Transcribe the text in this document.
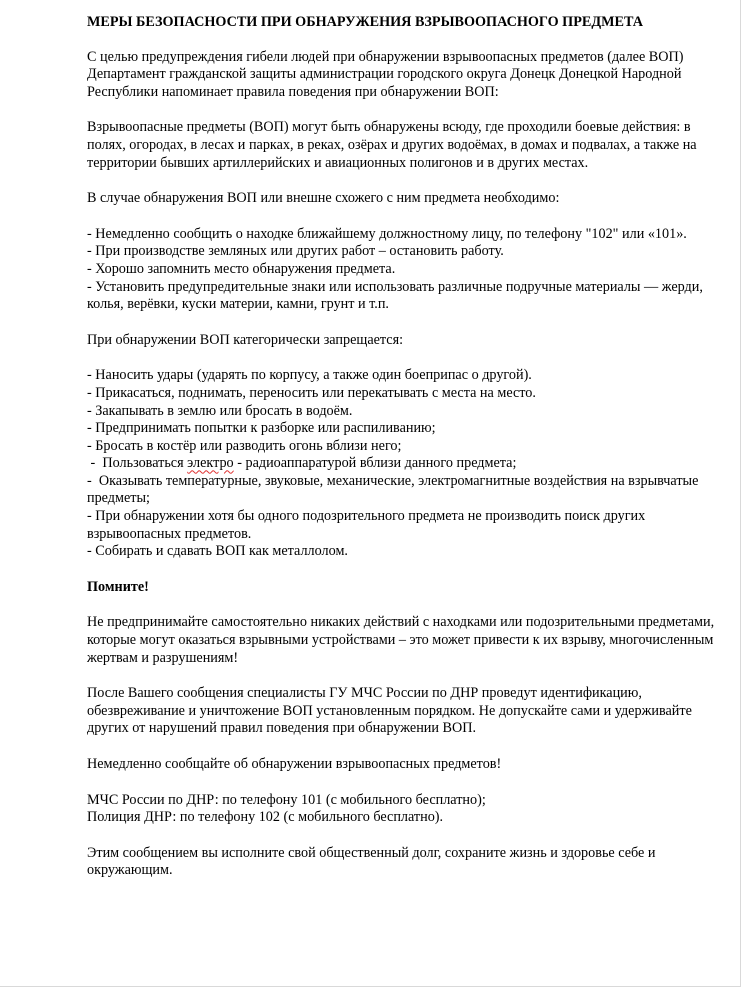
МЕРЫ БЕЗОПАСНОСТИ ПРИ ОБНАРУЖЕНИЯ ВЗРЫВООПАСНОГО ПРЕДМЕТА
С целью предупреждения гибели людей при обнаружении взрывоопасных предметов (далее ВОП) Департамент гражданской защиты администрации городского округа Донецк Донецкой Народной Республики напоминает правила поведения при обнаружении ВОП:
Взрывоопасные предметы (ВОП) могут быть обнаружены всюду, где проходили боевые действия: в полях, огородах, в лесах и парках, в реках, озёрах и других водоёмах, в домах и подвалах, а также на территории бывших артиллерийских и авиационных полигонов и в других местах.
В случае обнаружения ВОП или внешне схожего с ним предмета необходимо:
- Немедленно сообщить о находке ближайшему должностному лицу, по телефону "102" или «101».
- При производстве земляных или других работ – остановить работу.
- Хорошо запомнить место обнаружения предмета.
- Установить предупредительные знаки или использовать различные подручные материалы — жерди, колья, верёвки, куски материи, камни, грунт и т.п.
При обнаружении ВОП категорически запрещается:
- Наносить удары (ударять по корпусу, а также один боеприпас о другой).
- Прикасаться, поднимать, переносить или перекатывать с места на место.
- Закапывать в землю или бросать в водоём.
- Предпринимать попытки к разборке или распиливанию;
- Бросать в костёр или разводить огонь вблизи него;
-  Пользоваться электро - радиоаппаратурой вблизи данного предмета;
-  Оказывать температурные, звуковые, механические, электромагнитные воздействия на взрывчатые предметы;
- При обнаружении хотя бы одного подозрительного предмета не производить поиск других взрывоопасных предметов.
- Собирать и сдавать ВОП как металлолом.
Помните!
Не предпринимайте самостоятельно никаких действий с находками или подозрительными предметами, которые могут оказаться взрывными устройствами – это может привести к их взрыву, многочисленным жертвам и разрушениям!
После Вашего сообщения специалисты ГУ МЧС России по ДНР проведут идентификацию, обезвреживание и уничтожение ВОП установленным порядком. Не допускайте сами и удерживайте других от нарушений правил поведения при обнаружении ВОП.
Немедленно сообщайте об обнаружении взрывоопасных предметов!
МЧС России по ДНР: по телефону 101 (с мобильного бесплатно);
Полиция ДНР: по телефону 102 (с мобильного бесплатно).
Этим сообщением вы исполните свой общественный долг, сохраните жизнь и здоровье себе и окружающим.
